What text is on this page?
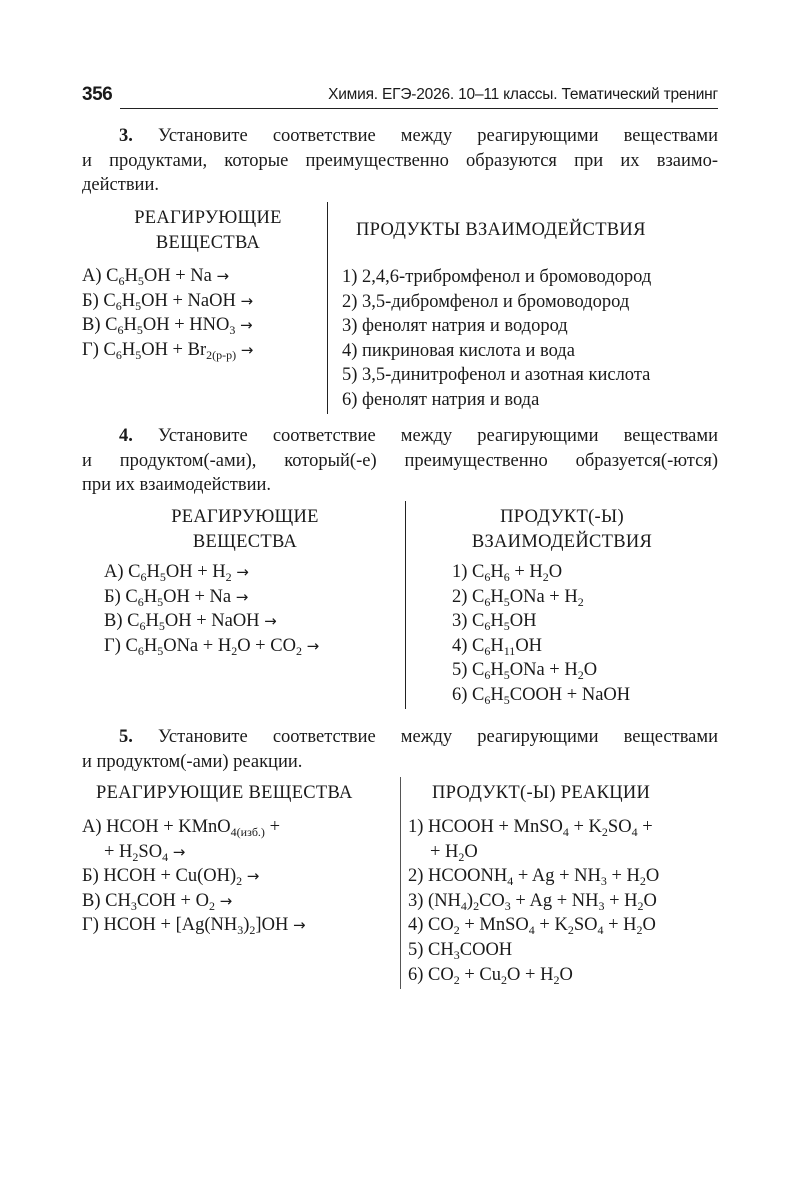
356	Химия. ЕГЭ-2026. 10–11 классы. Тематический тренинг
3. Установите соответствие между реагирующими веществами
и продуктами, которые преимущественно образуются при их взаимо-
действии.
РЕАГИРУЮЩИЕ
ВЕЩЕСТВА
А) $C_6H_5OH + Na$ →
Б) $C_6H_5OH$ + NaOH →
В) $C_6H_5OH + HNO_3$ →
Г) $C_6H_5OH + Br_{2(р-р)}$ →
ПРОДУКТЫ ВЗАИМОДЕЙСТВИЯ
1) 2,4,6-трибромфенол и бромоводород
2) 3,5-дибромфенол и бромоводород
3) фенолят натрия и водород
4) пикриновая кислота и вода
5) 3,5-динитрофенол и азотная кислота
6) фенолят натрия и вода
4. Установите соответствие между реагирующими веществами
и продуктом(-ами), который(-е) преимущественно образуется(-ются)
при их взаимодействии.
РЕАГИРУЮЩИЕ
ВЕЩЕСТВА
А) $C_6H_5OH + H_2$ →
Б) $C_6H_5OH + Na$ →
В) $C_6H_5OH$ + NaOH →
Г) $C_6H_5ONa + H_2O + CO_2$ →
ПРОДУКТ(-Ы)
ВЗАИМОДЕЙСТВИЯ
1) $C_6H_6 + H_2O$
2) $C_6H_5ONa + H_2$
3) $C_6H_5OH$
4) $C_6H_{11}OH$
5) $C_6H_5ONa + H_2O$
6) $C_6H_5COOH$ + NaOH
5. Установите соответствие между реагирующими веществами
и продуктом(-ами) реакции.
РЕАГИРУЮЩИЕ ВЕЩЕСТВА
А) HCOH + KMnO$_{4(изб.)}$ +
+ $H_2SO_4$ →
Б) HCOH + $Cu(OH)_2$ →
В) $CH_3COH + O_2$ →
Г) HCOH + $[Ag(NH_3)_2]OH$ →
ПРОДУКТ(-Ы) РЕАКЦИИ
1) HCOOH + MnSO$_4$ + $K_2SO_4$ +
+ $H_2O$
2) $HCOONH_4 + Ag + NH_3 + H_2O$
3) $(NH_4)_2CO_3 + Ag + NH_3 + H_2O$
4) $CO_2$ + MnSO$_4$ + $K_2SO_4 + H_2O$
5) $CH_3COOH$
6) $CO_2 + Cu_2O + H_2O$
